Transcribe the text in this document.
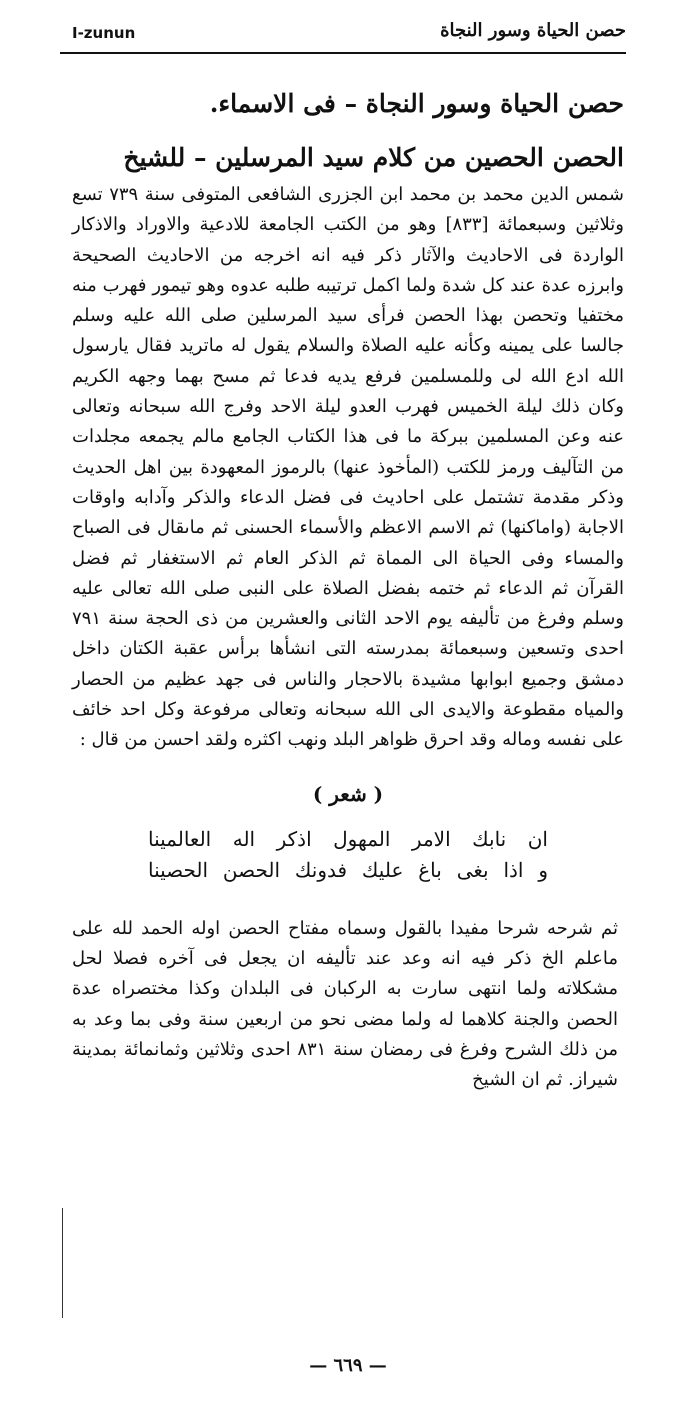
I-zunun	حصن الحياة وسور النجاة
حصن الحياة وسور النجاة – فى الاسماء.

الحصن الحصين من كلام سيد المرسلين – للشيخ

شمس الدين محمد بن محمد ابن الجزرى الشافعى المتوفى سنة ٧٣٩ تسع وثلاثين وسبعمائة [٨٣٣] وهو من الكتب الجامعة للادعية والاوراد والاذكار الواردة فى الاحاديث والآثار ذكر فيه انه اخرجه من الاحاديث الصحيحة وابرزه عدة عند كل شدة ولما اكمل ترتيبه طلبه عدوه وهو تيمور فهرب منه مختفيا وتحصن بهذا الحصن فرأى سيد المرسلين صلى الله عليه وسلم جالسا على يمينه وكأنه عليه الصلاة والسلام يقول له ماتريد فقال يارسول الله ادع الله لى وللمسلمين فرفع يديه فدعا ثم مسح بهما وجهه الكريم وكان ذلك ليلة الخميس فهرب العدو ليلة الاحد وفرج الله سبحانه وتعالى عنه وعن المسلمين ببركة ما فى هذا الكتاب الجامع مالم يجمعه مجلدات من التآليف ورمز للكتب (المأخوذ عنها) بالرموز المعهودة بين اهل الحديث وذكر مقدمة تشتمل على احاديث فى فضل الدعاء والذكر وآدابه واوقات الاجابة (واماكنها) ثم الاسم الاعظم والأسماء الحسنى ثم ماىقال فى الصباح والمساء وفى الحياة الى المماة ثم الذكر العام ثم الاستغفار ثم فضل القرآن ثم الدعاء ثم ختمه بفضل الصلاة على النبى صلى الله تعالى عليه وسلم وفرغ من تأليفه يوم الاحد الثانى والعشرين من ذى الحجة سنة ٧٩١ احدى وتسعين وسبعمائة بمدرسته التى انشأها برأس عقبة الكتان داخل دمشق وجميع ابوابها مشيدة بالاحجار والناس فى جهد عظيم من الحصار والمياه مقطوعة والايدى الى الله سبحانه وتعالى مرفوعة وكل احد خائف على نفسه وماله وقد احرق ظواهر البلد ونهب اكثره ولقد احسن من قال :

( شعر )
ان نابك الامر المهول اذكر اله العالمينا
و اذا بغى باغ عليك فدونك الحصن الحصينا

ثم شرحه شرحا مفيدا بالقول وسماه مفتاح الحصن اوله الحمد لله على ماعلم الخ ذكر فيه انه وعد عند تأليفه ان يجعل فى آخره فصلا لحل مشكلاته ولما انتهى سارت به الركبان فى البلدان وكذا مختصراه عدة الحصن والجنة كلاهما له ولما مضى نحو من اربعين سنة وفى بما وعد به من ذلك الشرح وفرغ فى رمضان سنة ٨٣١ احدى وثلاثين وثمانمائة بمدينة شيراز. ثم ان الشيخ

— ٦٦٩ —
